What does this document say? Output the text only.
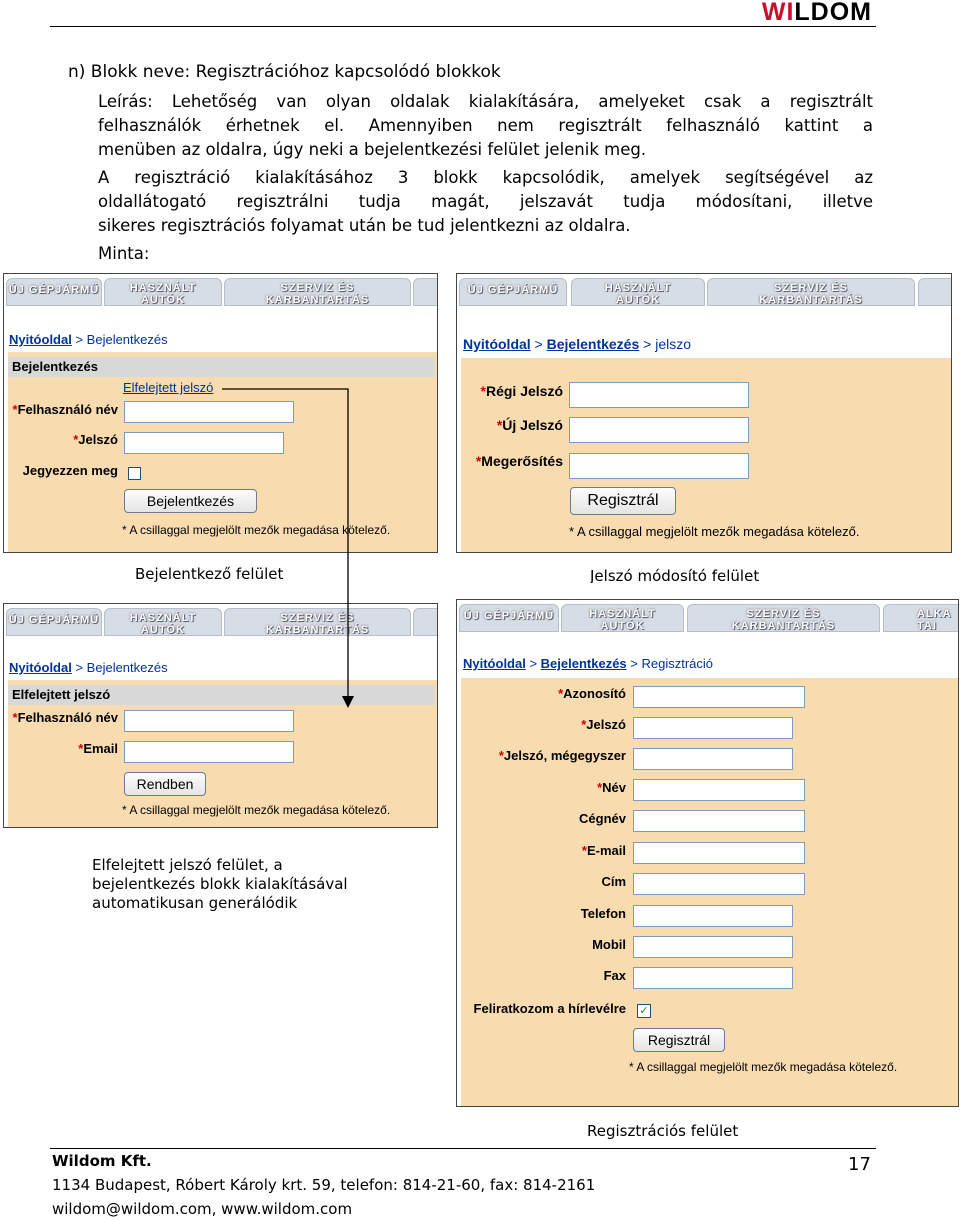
WILDOM
n) Blokk neve: Regisztrációhoz kapcsolódó blokkok
Leírás: Lehetőség van olyan oldalak kialakítására, amelyeket csak a regisztrált
felhasználók érhetnek el. Amennyiben nem regisztrált felhasználó kattint a
menüben az oldalra, úgy neki a bejelentkezési felület jelenik meg.
A regisztráció kialakításához 3 blokk kapcsolódik, amelyek segítségével az
oldallátogató regisztrálni tudja magát, jelszavát tudja módosítani, illetve
sikeres regisztrációs folyamat után be tud jelentkezni az oldalra.
Minta:
ÚJ GÉPJÁRMŰ	HASZNÁLT
AUTÓK
SZERVIZ ÉS
KARBANTARTÁS
Nyitóoldal > Bejelentkezés
Bejelentkezés
Elfelejtett jelszó
*Felhasználó név
*Jelszó
Jegyezzen meg
Bejelentkezés
* A csillaggal megjelölt mezők megadása kötelező.
Bejelentkező felület
ÚJ GÉPJÁRMŰ	HASZNÁLT
AUTÓK
SZERVIZ ÉS
KARBANTARTÁS
Nyitóoldal > Bejelentkezés > jelszo
*Régi Jelszó
*Új Jelszó
*Megerősítés
Regisztrál
* A csillaggal megjelölt mezők megadása kötelező.
Jelszó módosító felület
ÚJ GÉPJÁRMŰ	HASZNÁLT
AUTÓK
SZERVIZ ÉS
KARBANTARTÁS
Nyitóoldal > Bejelentkezés
Elfelejtett jelszó
*Felhasználó név
*Email
Rendben
* A csillaggal megjelölt mezők megadása kötelező.
Elfelejtett jelszó felület, a
bejelentkezés blokk kialakításával
automatikusan generálódik
ÚJ GÉPJÁRMŰ	HASZNÁLT
AUTÓK
SZERVIZ ÉS
KARBANTARTÁS
ALKA
TAI
Nyitóoldal > Bejelentkezés > Regisztráció
*Azonosító
*Jelszó
*Jelszó, mégegyszer
*Név
Cégnév
*E-mail
Cím
Telefon
Mobil
Fax
Feliratkozom a hírlevélre ✓
Regisztrál
* A csillaggal megjelölt mezők megadása kötelező.
Regisztrációs felület
Wildom Kft.
1134 Budapest, Róbert Károly krt. 59, telefon: 814-21-60, fax: 814-2161
wildom@wildom.com, www.wildom.com
17
